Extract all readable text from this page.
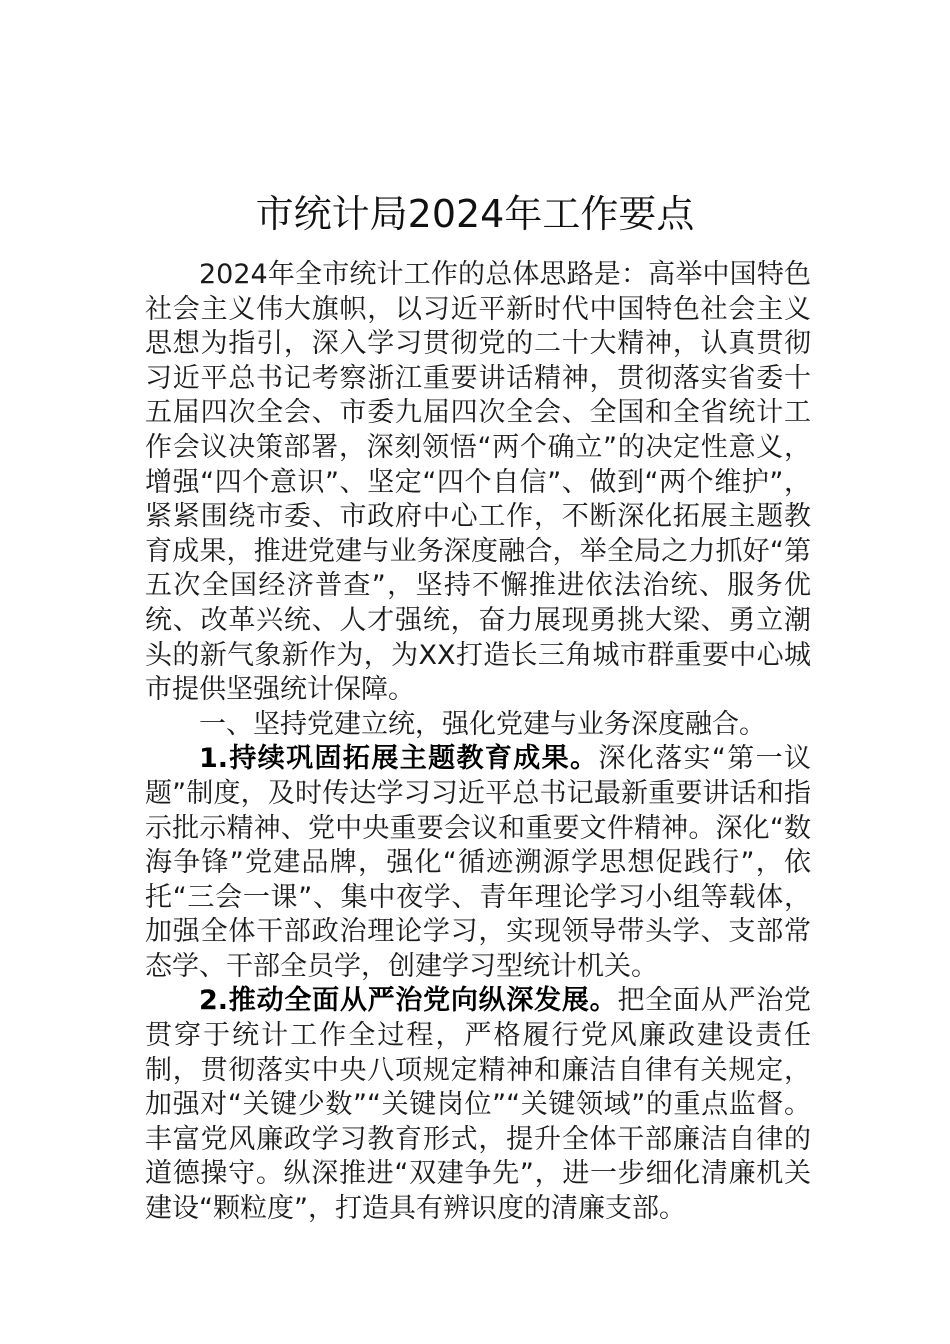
市统计局2024年工作要点

2024年全市统计工作的总体思路是：高举中国特色社会主义伟大旗帜，以习近平新时代中国特色社会主义思想为指引，深入学习贯彻党的二十大精神，认真贯彻习近平总书记考察浙江重要讲话精神，贯彻落实省委十五届四次全会、市委九届四次全会、全国和全省统计工作会议决策部署，深刻领悟“两个确立”的决定性意义，增强“四个意识”、坚定“四个自信”、做到“两个维护”，紧紧围绕市委、市政府中心工作，不断深化拓展主题教育成果，推进党建与业务深度融合，举全局之力抓好“第五次全国经济普查”，坚持不懈推进依法治统、服务优统、改革兴统、人才强统，奋力展现勇挑大梁、勇立潮头的新气象新作为，为XX打造长三角城市群重要中心城市提供坚强统计保障。

一、坚持党建立统，强化党建与业务深度融合。

1.持续巩固拓展主题教育成果。深化落实“第一议题”制度，及时传达学习习近平总书记最新重要讲话和指示批示精神、党中央重要会议和重要文件精神。深化“数海争锋”党建品牌，强化“循迹溯源学思想促践行”，依托“三会一课”、集中夜学、青年理论学习小组等载体，加强全体干部政治理论学习，实现领导带头学、支部常态学、干部全员学，创建学习型统计机关。

2.推动全面从严治党向纵深发展。把全面从严治党贯穿于统计工作全过程，严格履行党风廉政建设责任制，贯彻落实中央八项规定精神和廉洁自律有关规定，加强对“关键少数”“关键岗位”“关键领域”的重点监督。丰富党风廉政学习教育形式，提升全体干部廉洁自律的道德操守。纵深推进“双建争先”，进一步细化清廉机关建设“颗粒度”，打造具有辨识度的清廉支部。
